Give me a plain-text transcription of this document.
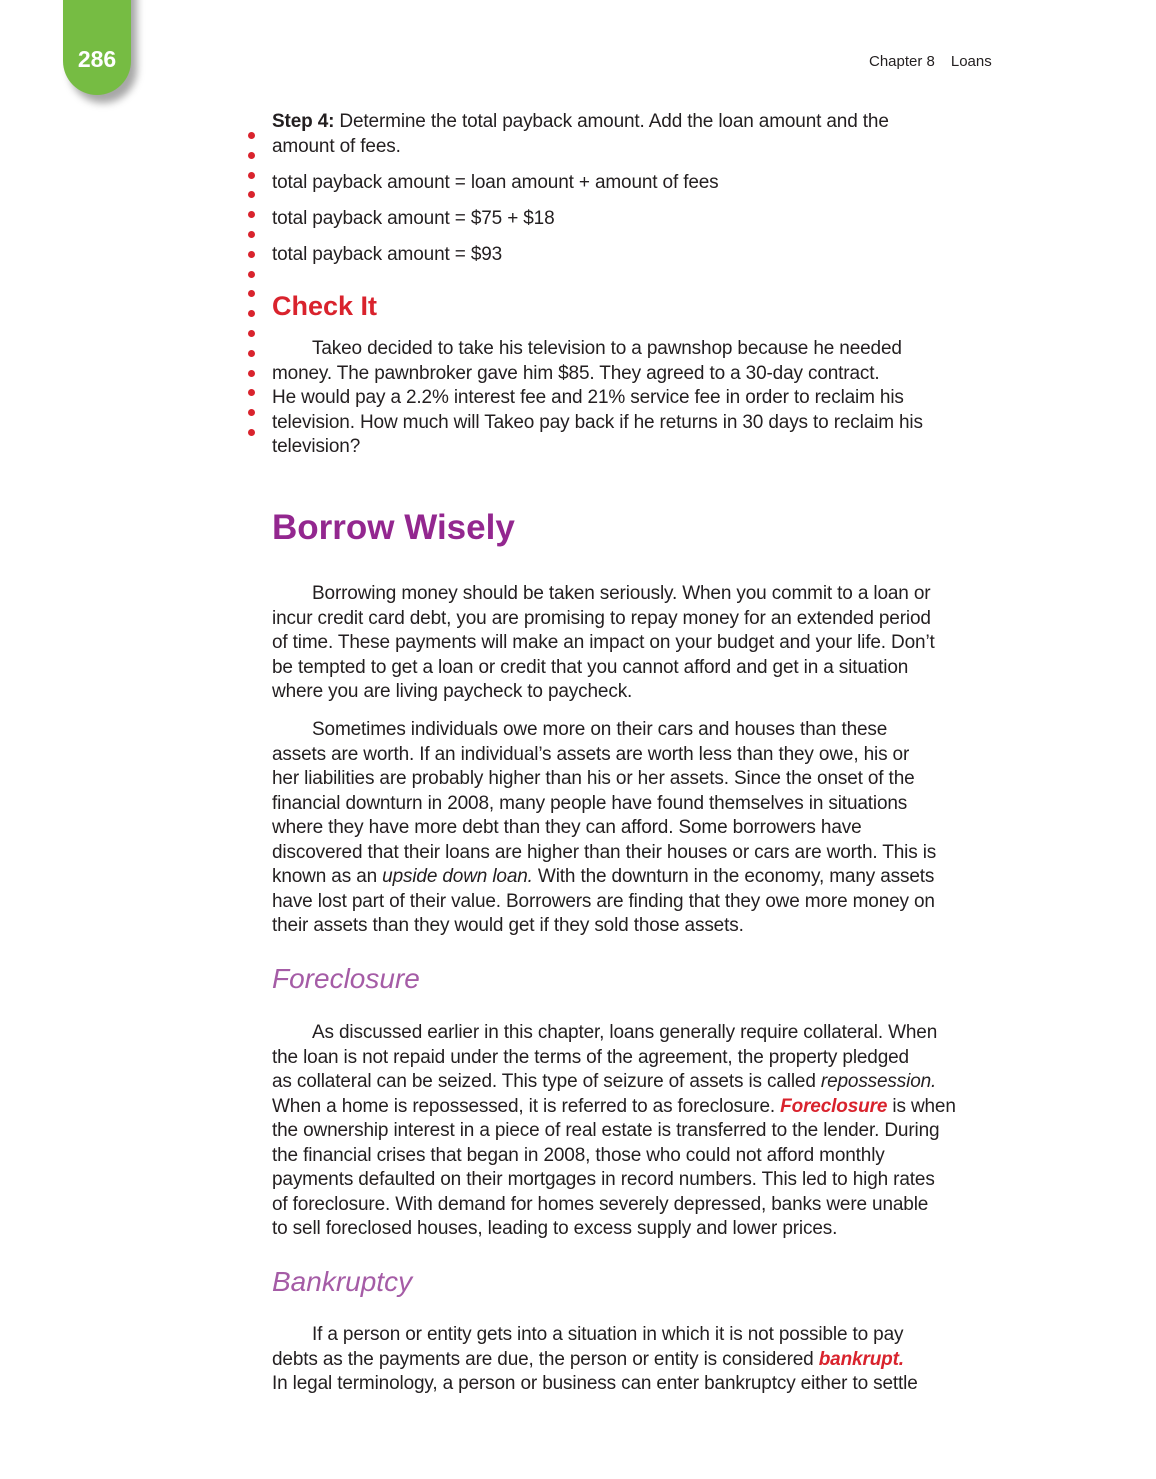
286	Chapter 8 Loans
Step 4: Determine the total payback amount. Add the loan amount and the
amount of fees.
total payback amount = loan amount + amount of fees
total payback amount = $75 + $18
total payback amount = $93
Check It
Takeo decided to take his television to a pawnshop because he needed
money. The pawnbroker gave him $85. They agreed to a 30-day contract.
He would pay a 2.2% interest fee and 21% service fee in order to reclaim his
television. How much will Takeo pay back if he returns in 30 days to reclaim his
television?
Borrow Wisely
Borrowing money should be taken seriously. When you commit to a loan or
incur credit card debt, you are promising to repay money for an extended period
of time. These payments will make an impact on your budget and your life. Don’t
be tempted to get a loan or credit that you cannot afford and get in a situation
where you are living paycheck to paycheck.
Sometimes individuals owe more on their cars and houses than these
assets are worth. If an individual’s assets are worth less than they owe, his or
her liabilities are probably higher than his or her assets. Since the onset of the
financial downturn in 2008, many people have found themselves in situations
where they have more debt than they can afford. Some borrowers have
discovered that their loans are higher than their houses or cars are worth. This is
known as an upside down loan. With the downturn in the economy, many assets
have lost part of their value. Borrowers are finding that they owe more money on
their assets than they would get if they sold those assets.
Foreclosure
As discussed earlier in this chapter, loans generally require collateral. When
the loan is not repaid under the terms of the agreement, the property pledged
as collateral can be seized. This type of seizure of assets is called repossession.
When a home is repossessed, it is referred to as foreclosure. Foreclosure is when
the ownership interest in a piece of real estate is transferred to the lender. During
the financial crises that began in 2008, those who could not afford monthly
payments defaulted on their mortgages in record numbers. This led to high rates
of foreclosure. With demand for homes severely depressed, banks were unable
to sell foreclosed houses, leading to excess supply and lower prices.
Bankruptcy
If a person or entity gets into a situation in which it is not possible to pay
debts as the payments are due, the person or entity is considered bankrupt.
In legal terminology, a person or business can enter bankruptcy either to settle
